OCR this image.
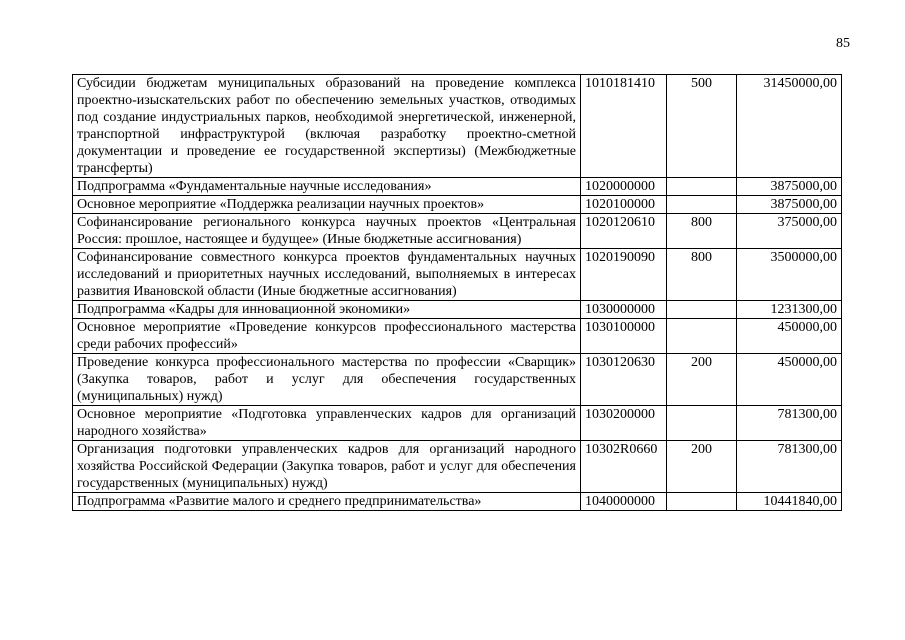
85
Субсидии бюджетам муниципальных образований на проведение комплекса проектно-изыскательских работ по обеспечению земельных участков, отводимых под создание индустриальных парков, необходимой энергетической, инженерной, транспортной инфраструктурой (включая разработку проектно-сметной документации и проведение ее государственной экспертизы) (Межбюджетные трансферты)	1010181410	500	31450000,00
Подпрограмма «Фундаментальные научные исследования»	1020000000		3875000,00
Основное мероприятие «Поддержка реализации научных проектов»	1020100000		3875000,00
Софинансирование регионального конкурса научных проектов «Центральная Россия: прошлое, настоящее и будущее» (Иные бюджетные ассигнования)	1020120610	800	375000,00
Софинансирование совместного конкурса проектов фундаментальных научных исследований и приоритетных научных исследований, выполняемых в интересах развития Ивановской области (Иные бюджетные ассигнования)	1020190090	800	3500000,00
Подпрограмма «Кадры для инновационной экономики»	1030000000		1231300,00
Основное мероприятие «Проведение конкурсов профессионального мастерства среди рабочих профессий»	1030100000		450000,00
Проведение конкурса профессионального мастерства по профессии «Сварщик» (Закупка товаров, работ и услуг для обеспечения государственных (муниципальных) нужд)	1030120630	200	450000,00
Основное мероприятие «Подготовка управленческих кадров для организаций народного хозяйства»	1030200000		781300,00
Организация подготовки управленческих кадров для организаций народного хозяйства Российской Федерации (Закупка товаров, работ и услуг для обеспечения государственных (муниципальных) нужд)	10302R0660	200	781300,00
Подпрограмма «Развитие малого и среднего предпринимательства»	1040000000		10441840,00
